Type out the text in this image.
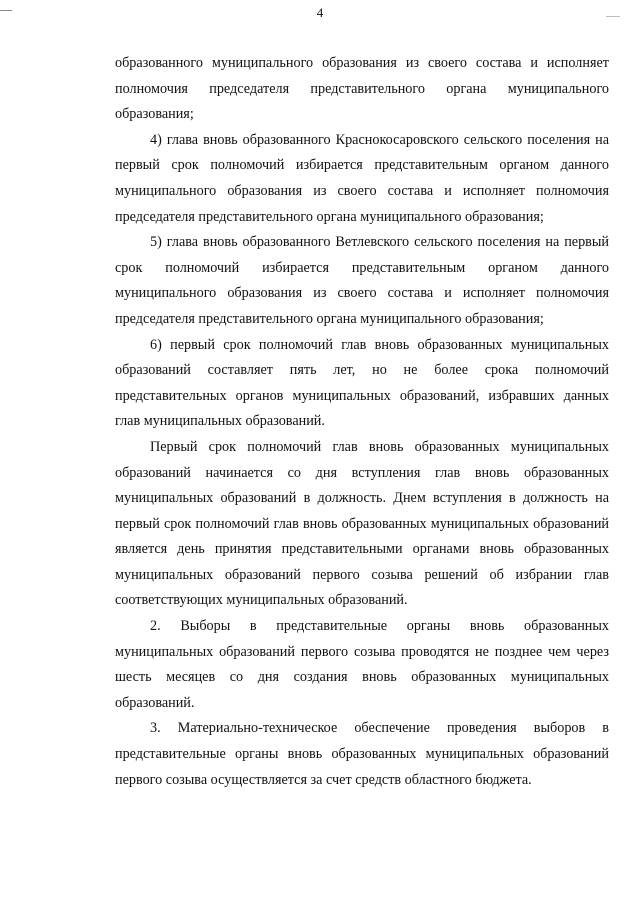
4

образованного муниципального образования из своего состава и исполняет полномочия председателя представительного органа муниципального образования;

4) глава вновь образованного Краснокосаровского сельского поселения на первый срок полномочий избирается представительным органом данного муниципального образования из своего состава и исполняет полномочия председателя представительного органа муниципального образования;

5) глава вновь образованного Ветлевского сельского поселения на первый срок полномочий избирается представительным органом данного муниципального образования из своего состава и исполняет полномочия председателя представительного органа муниципального образования;

6) первый срок полномочий глав вновь образованных муниципальных образований составляет пять лет, но не более срока полномочий представительных органов муниципальных образований, избравших данных глав муниципальных образований.

Первый срок полномочий глав вновь образованных муниципальных образований начинается со дня вступления глав вновь образованных муниципальных образований в должность. Днем вступления в должность на первый срок полномочий глав вновь образованных муниципальных образований является день принятия представительными органами вновь образованных муниципальных образований первого созыва решений об избрании глав соответствующих муниципальных образований.

2. Выборы в представительные органы вновь образованных муниципальных образований первого созыва проводятся не позднее чем через шесть месяцев со дня создания вновь образованных муниципальных образований.

3. Материально-техническое обеспечение проведения выборов в представительные органы вновь образованных муниципальных образований первого созыва осуществляется за счет средств областного бюджета.
